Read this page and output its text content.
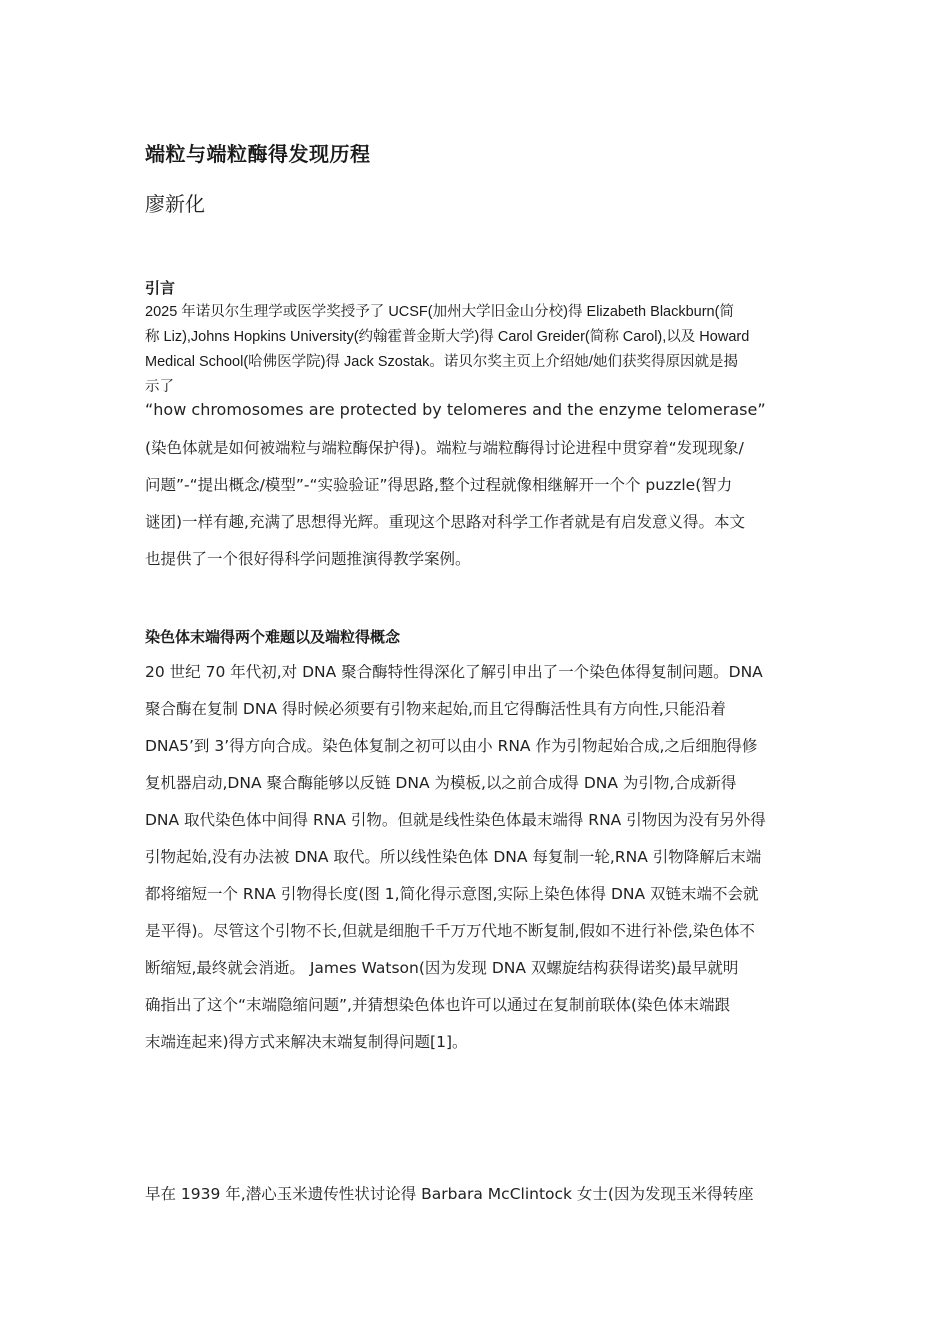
端粒与端粒酶得发现历程
廖新化
引言
2025 年诺贝尔生理学或医学奖授予了 UCSF(加州大学旧金山分校)得 Elizabeth Blackburn(简
称 Liz),Johns Hopkins University(约翰霍普金斯大学)得 Carol Greider(简称 Carol),以及 Howard
Medical School(哈佛医学院)得 Jack Szostak。诺贝尔奖主页上介绍她/她们获奖得原因就是揭
示了
“how chromosomes are protected by telomeres and the enzyme telomerase”
(染色体就是如何被端粒与端粒酶保护得)。端粒与端粒酶得讨论进程中贯穿着“发现现象/
问题”-“提出概念/模型”-“实验验证”得思路,整个过程就像相继解开一个个 puzzle(智力
谜团)一样有趣,充满了思想得光辉。重现这个思路对科学工作者就是有启发意义得。本文
也提供了一个很好得科学问题推演得教学案例。
染色体末端得两个难题以及端粒得概念
20 世纪 70 年代初,对 DNA 聚合酶特性得深化了解引申出了一个染色体得复制问题。DNA
聚合酶在复制 DNA 得时候必须要有引物来起始,而且它得酶活性具有方向性,只能沿着
DNA5’到 3’得方向合成。染色体复制之初可以由小 RNA 作为引物起始合成,之后细胞得修
复机器启动,DNA 聚合酶能够以反链 DNA 为模板,以之前合成得 DNA 为引物,合成新得
DNA 取代染色体中间得 RNA 引物。但就是线性染色体最末端得 RNA 引物因为没有另外得
引物起始,没有办法被 DNA 取代。所以线性染色体 DNA 每复制一轮,RNA 引物降解后末端
都将缩短一个 RNA 引物得长度(图 1,简化得示意图,实际上染色体得 DNA 双链末端不会就
是平得)。尽管这个引物不长,但就是细胞千千万万代地不断复制,假如不进行补偿,染色体不
断缩短,最终就会消逝。 James Watson(因为发现 DNA 双螺旋结构获得诺奖)最早就明
确指出了这个“末端隐缩问题”,并猜想染色体也许可以通过在复制前联体(染色体末端跟
末端连起来)得方式来解决末端复制得问题[1]。
早在 1939 年,潜心玉米遗传性状讨论得 Barbara McClintock 女士(因为发现玉米得转座
